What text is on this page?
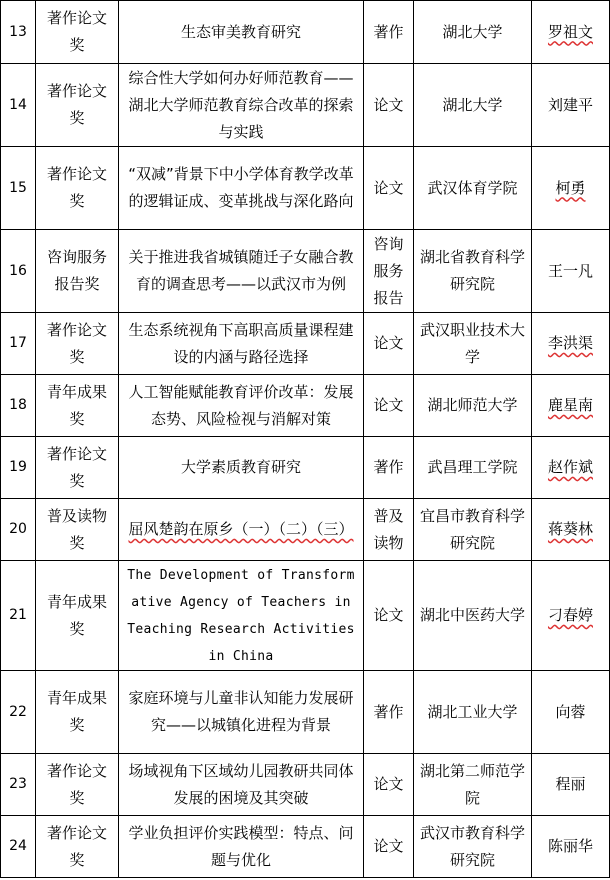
13	著作论文奖	生态审美教育研究	著作	湖北大学	罗祖文
14	著作论文奖	综合性大学如何办好师范教育——湖北大学师范教育综合改革的探索与实践	论文	湖北大学	刘建平
15	著作论文奖	“双减”背景下中小学体育教学改革的逻辑证成、变革挑战与深化路向	论文	武汉体育学院	柯勇
16	咨询服务报告奖	关于推进我省城镇随迁子女融合教育的调查思考——以武汉市为例	咨询服务报告	湖北省教育科学研究院	王一凡
17	著作论文奖	生态系统视角下高职高质量课程建设的内涵与路径选择	论文	武汉职业技术大学	李洪渠
18	青年成果奖	人工智能赋能教育评价改革：发展态势、风险检视与消解对策	论文	湖北师范大学	鹿星南
19	著作论文奖	大学素质教育研究	著作	武昌理工学院	赵作斌
20	普及读物奖	屈风楚韵在原乡（一）（二）（三）	普及读物	宜昌市教育科学研究院	蒋葵林
21	青年成果奖	The Development of Transformative Agency of Teachers in Teaching Research Activities in China	论文	湖北中医药大学	刁春婷
22	青年成果奖	家庭环境与儿童非认知能力发展研究——以城镇化进程为背景	著作	湖北工业大学	向蓉
23	著作论文奖	场域视角下区域幼儿园教研共同体发展的困境及其突破	论文	湖北第二师范学院	程丽
24	著作论文奖	学业负担评价实践模型：特点、问题与优化	论文	武汉市教育科学研究院	陈丽华
